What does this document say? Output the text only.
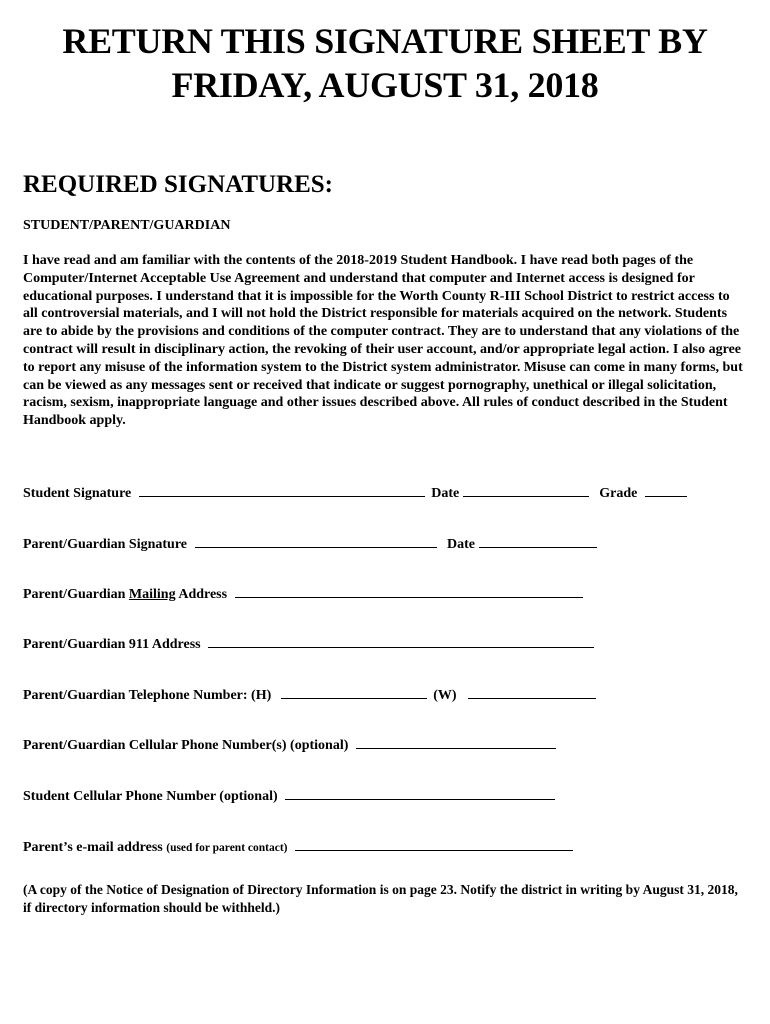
RETURN THIS SIGNATURE SHEET BY
FRIDAY, AUGUST 31, 2018
REQUIRED SIGNATURES:

STUDENT/PARENT/GUARDIAN

I have read and am familiar with the contents of the 2018-2019 Student Handbook. I have read both pages of the Computer/Internet Acceptable Use Agreement and understand that computer and Internet access is designed for educational purposes. I understand that it is impossible for the Worth County R-III School District to restrict access to all controversial materials, and I will not hold the District responsible for materials acquired on the network. Students are to abide by the provisions and conditions of the computer contract. They are to understand that any violations of the contract will result in disciplinary action, the revoking of their user account, and/or appropriate legal action. I also agree to report any misuse of the information system to the District system administrator. Misuse can come in many forms, but can be viewed as any messages sent or received that indicate or suggest pornography, unethical or illegal solicitation, racism, sexism, inappropriate language and other issues described above. All rules of conduct described in the Student Handbook apply.

Student Signature	Date	Grade
Parent/Guardian Signature	Date
Parent/Guardian Mailing Address
Parent/Guardian 911 Address
Parent/Guardian Telephone Number: (H)	(W)
Parent/Guardian Cellular Phone Number(s) (optional)
Student Cellular Phone Number (optional)
Parent’s e-mail address (used for parent contact)

(A copy of the Notice of Designation of Directory Information is on page 23. Notify the district in writing by August 31, 2018, if directory information should be withheld.)
